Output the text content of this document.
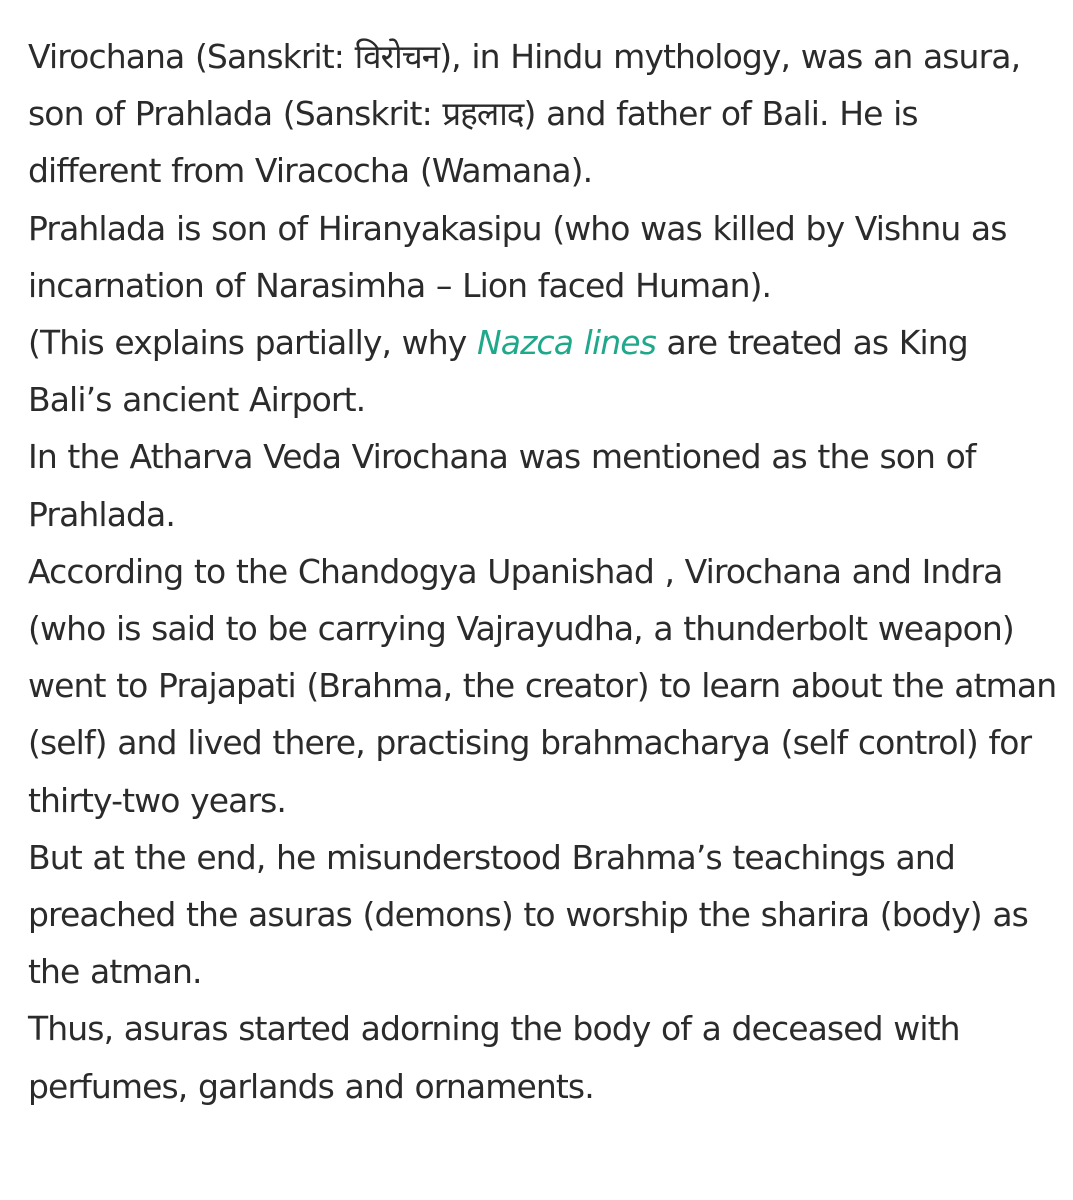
Virochana (Sanskrit: विरोचन), in Hindu mythology, was an asura, son of Prahlada (Sanskrit: प्रहलाद) and father of Bali. He is different from Viracocha (Wamana).

Prahlada is son of Hiranyakasipu (who was killed by Vishnu as incarnation of Narasimha – Lion faced Human).

(This explains partially, why Nazca lines are treated as King Bali’s ancient Airport.

In the Atharva Veda Virochana was mentioned as the son of Prahlada.

According to the Chandogya Upanishad , Virochana and Indra (who is said to be carrying Vajrayudha, a thunderbolt weapon) went to Prajapati (Brahma, the creator) to learn about the atman (self) and lived there, practising brahmacharya (self control) for thirty-two years.

But at the end, he misunderstood Brahma’s teachings and preached the asuras (demons) to worship the sharira (body) as the atman.

Thus, asuras started adorning the body of a deceased with perfumes, garlands and ornaments.
